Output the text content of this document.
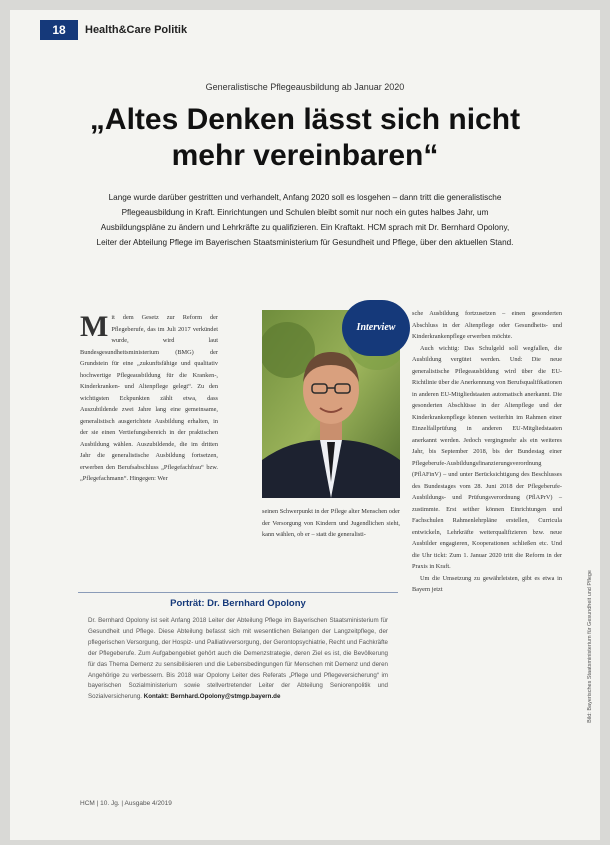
18	Health&Care Politik
Generalistische Pflegeausbildung ab Januar 2020
„Altes Denken lässt sich nicht mehr vereinbaren“

Lange wurde darüber gestritten und verhandelt, Anfang 2020 soll es losgehen – dann tritt die generalistische Pflegeausbildung in Kraft. Einrichtungen und Schulen bleibt somit nur noch ein gutes halbes Jahr, um Ausbildungspläne zu ändern und Lehrkräfte zu qualifizieren. Ein Kraftakt. HCM sprach mit Dr. Bernhard Opolony, Leiter der Abteilung Pflege im Bayerischen Staatsministerium für Gesundheit und Pflege, über den aktuellen Stand.

Mit dem Gesetz zur Reform der Pflegeberufe, das im Juli 2017 verkündet wurde, wird laut Bundesgesundheitsministerium (BMG) der Grundstein für eine „zukunftsfähige und qualitativ hochwertige Pflegeausbildung für die Kranken-, Kinderkranken- und Altenpflege gelegt“. Zu den wichtigsten Eckpunkten zählt etwa, dass Auszubildende zwei Jahre lang eine gemeinsame, generalistisch ausgerichtete Ausbildung erhalten, in der sie einen Vertiefungsbereich in der praktischen Ausbildung wählen. Auszubildende, die im dritten Jahr die generalistische Ausbildung fortsetzen, erwerben den Berufsabschluss „Pflegefachfrau“ bzw. „Pflegefachmann“. Hingegen: Wer
Interview
seinen Schwerpunkt in der Pflege alter Menschen oder der Versorgung von Kindern und Jugendlichen sieht, kann wählen, ob er – statt die generalisti-

sche Ausbildung fortzusetzen – einen gesonderten Abschluss in der Altenpflege oder Gesundheits- und Kinderkrankenpflege erwerben möchte.

Auch wichtig: Das Schulgeld soll wegfallen, die Ausbildung vergütet werden. Und: Die neue generalistische Pflegeausbildung wird über die EU-Richtlinie über die Anerkennung von Berufsqualifikationen in anderen EU-Mitgliedstaaten automatisch anerkannt. Die gesonderten Abschlüsse in der Altenpflege und der Kinderkrankenpflege können weiterhin im Rahmen einer Einzelfallprüfung in anderen EU-Mitgliedstaaten anerkannt werden. Jedoch vergingmehr als ein weiteres Jahr, bis September 2018, bis der Bundestag einer Pflegeberufe-Ausbildungsfinanzierungsverordnung (PflAFinV) – und unter Berücksichtigung des Beschlusses des Bundestages vom 28. Juni 2018 der Pflegeberufe-Ausbildungs- und Prüfungsverordnung (PflAPrV) – zustimmte. Erst seither können Einrichtungen und Fachschulen Rahmenlehrpläne erstellen, Curricula entwickeln, Lehrkräfte weiterqualifizieren bzw. neue Ausbilder engagieren, Kooperationen schließen etc. Und die Uhr tickt: Zum 1. Januar 2020 tritt die Reform in der Praxis in Kraft.

Um die Umsetzung zu gewährleisten, gibt es etwa in Bayern jetzt

Porträt: Dr. Bernhard Opolony

Dr. Bernhard Opolony ist seit Anfang 2018 Leiter der Abteilung Pflege im Bayerischen Staatsministerium für Gesundheit und Pflege. Diese Abteilung befasst sich mit wesentlichen Belangen der Langzeitpflege, der pflegerischen Versorgung, der Hospiz- und Palliativversorgung, der Gerontopsychiatrie, Recht und Fachkräfte der Pflegeberufe. Zum Aufgabengebiet gehört auch die Demenzstrategie, deren Ziel es ist, die Bevölkerung für das Thema Demenz zu sensibilisieren und die Lebensbedingungen für Menschen mit Demenz und deren Angehörige zu verbessern. Bis 2018 war Opolony Leiter des Referats „Pflege und Pflegeversicherung“ im bayerischen Sozialministerium sowie stellvertretender Leiter der Abteilung Seniorenpolitik und Sozialversicherung. Kontakt: Bernhard.Opolony@stmgp.bayern.de

HCM | 10. Jg. | Ausgabe 4/2019
Bild: Bayerisches Staatsministerium für Gesundheit und Pflege
